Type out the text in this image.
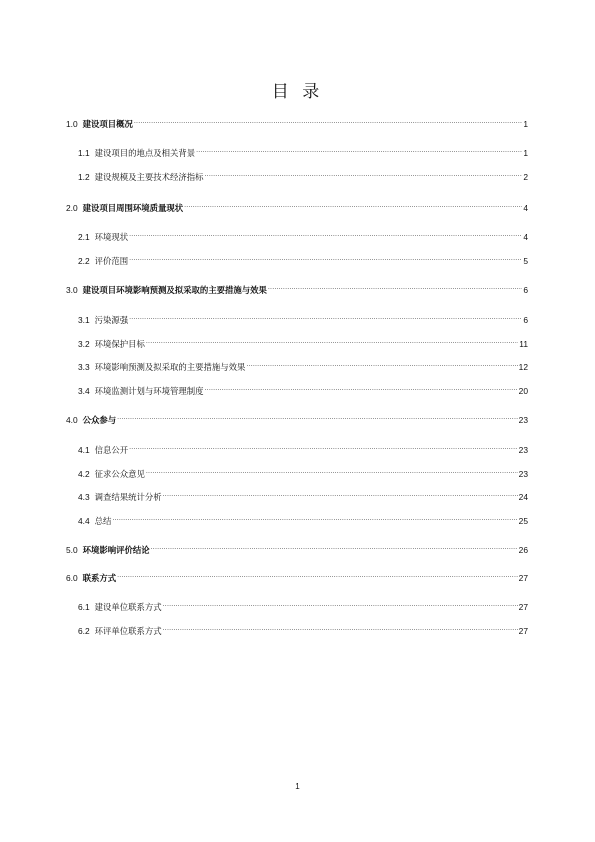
目 录
1.0 建设项目概况 .....	1
1.1 建设项目的地点及相关背景 .....	1
1.2 建设规模及主要技术经济指标 .....	2
2.0 建设项目周围环境质量现状 .....	4
2.1 环境现状 .....	4
2.2 评价范围 .....	5
3.0 建设项目环境影响预测及拟采取的主要措施与效果 .....	6
3.1 污染源强 .....	6
3.2 环境保护目标 .....	11
3.3 环境影响预测及拟采取的主要措施与效果 .....	12
3.4 环境监测计划与环境管理制度 .....	20
4.0 公众参与 .....	23
4.1 信息公开 .....	23
4.2 征求公众意见 .....	23
4.3 调查结果统计分析 .....	24
4.4 总结 .....	25
5.0 环境影响评价结论 .....	26
6.0 联系方式 .....	27
6.1 建设单位联系方式 .....	27
6.2 环评单位联系方式 .....	27
1
